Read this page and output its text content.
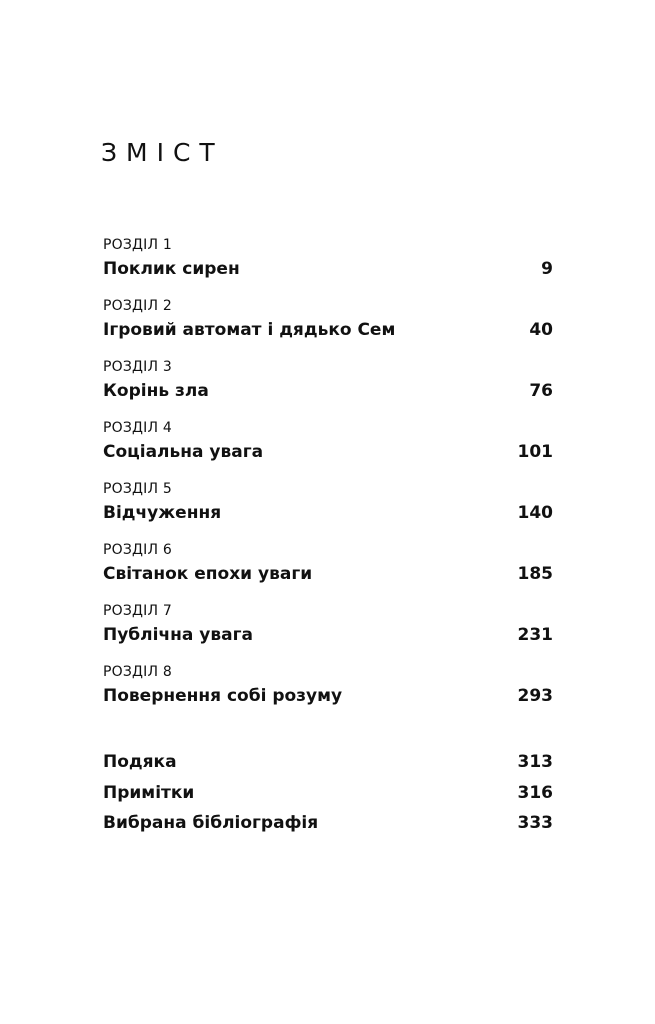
ЗМІСТ
РОЗДІЛ 1
Поклик сирен	9
РОЗДІЛ 2
Ігровий автомат і дядько Сем	40
РОЗДІЛ 3
Корінь зла	76
РОЗДІЛ 4
Соціальна увага	101
РОЗДІЛ 5
Відчуження	140
РОЗДІЛ 6
Світанок епохи уваги	185
РОЗДІЛ 7
Публічна увага	231
РОЗДІЛ 8
Повернення собі розуму	293
Подяка	313
Примітки	316
Вибрана бібліографія	333
